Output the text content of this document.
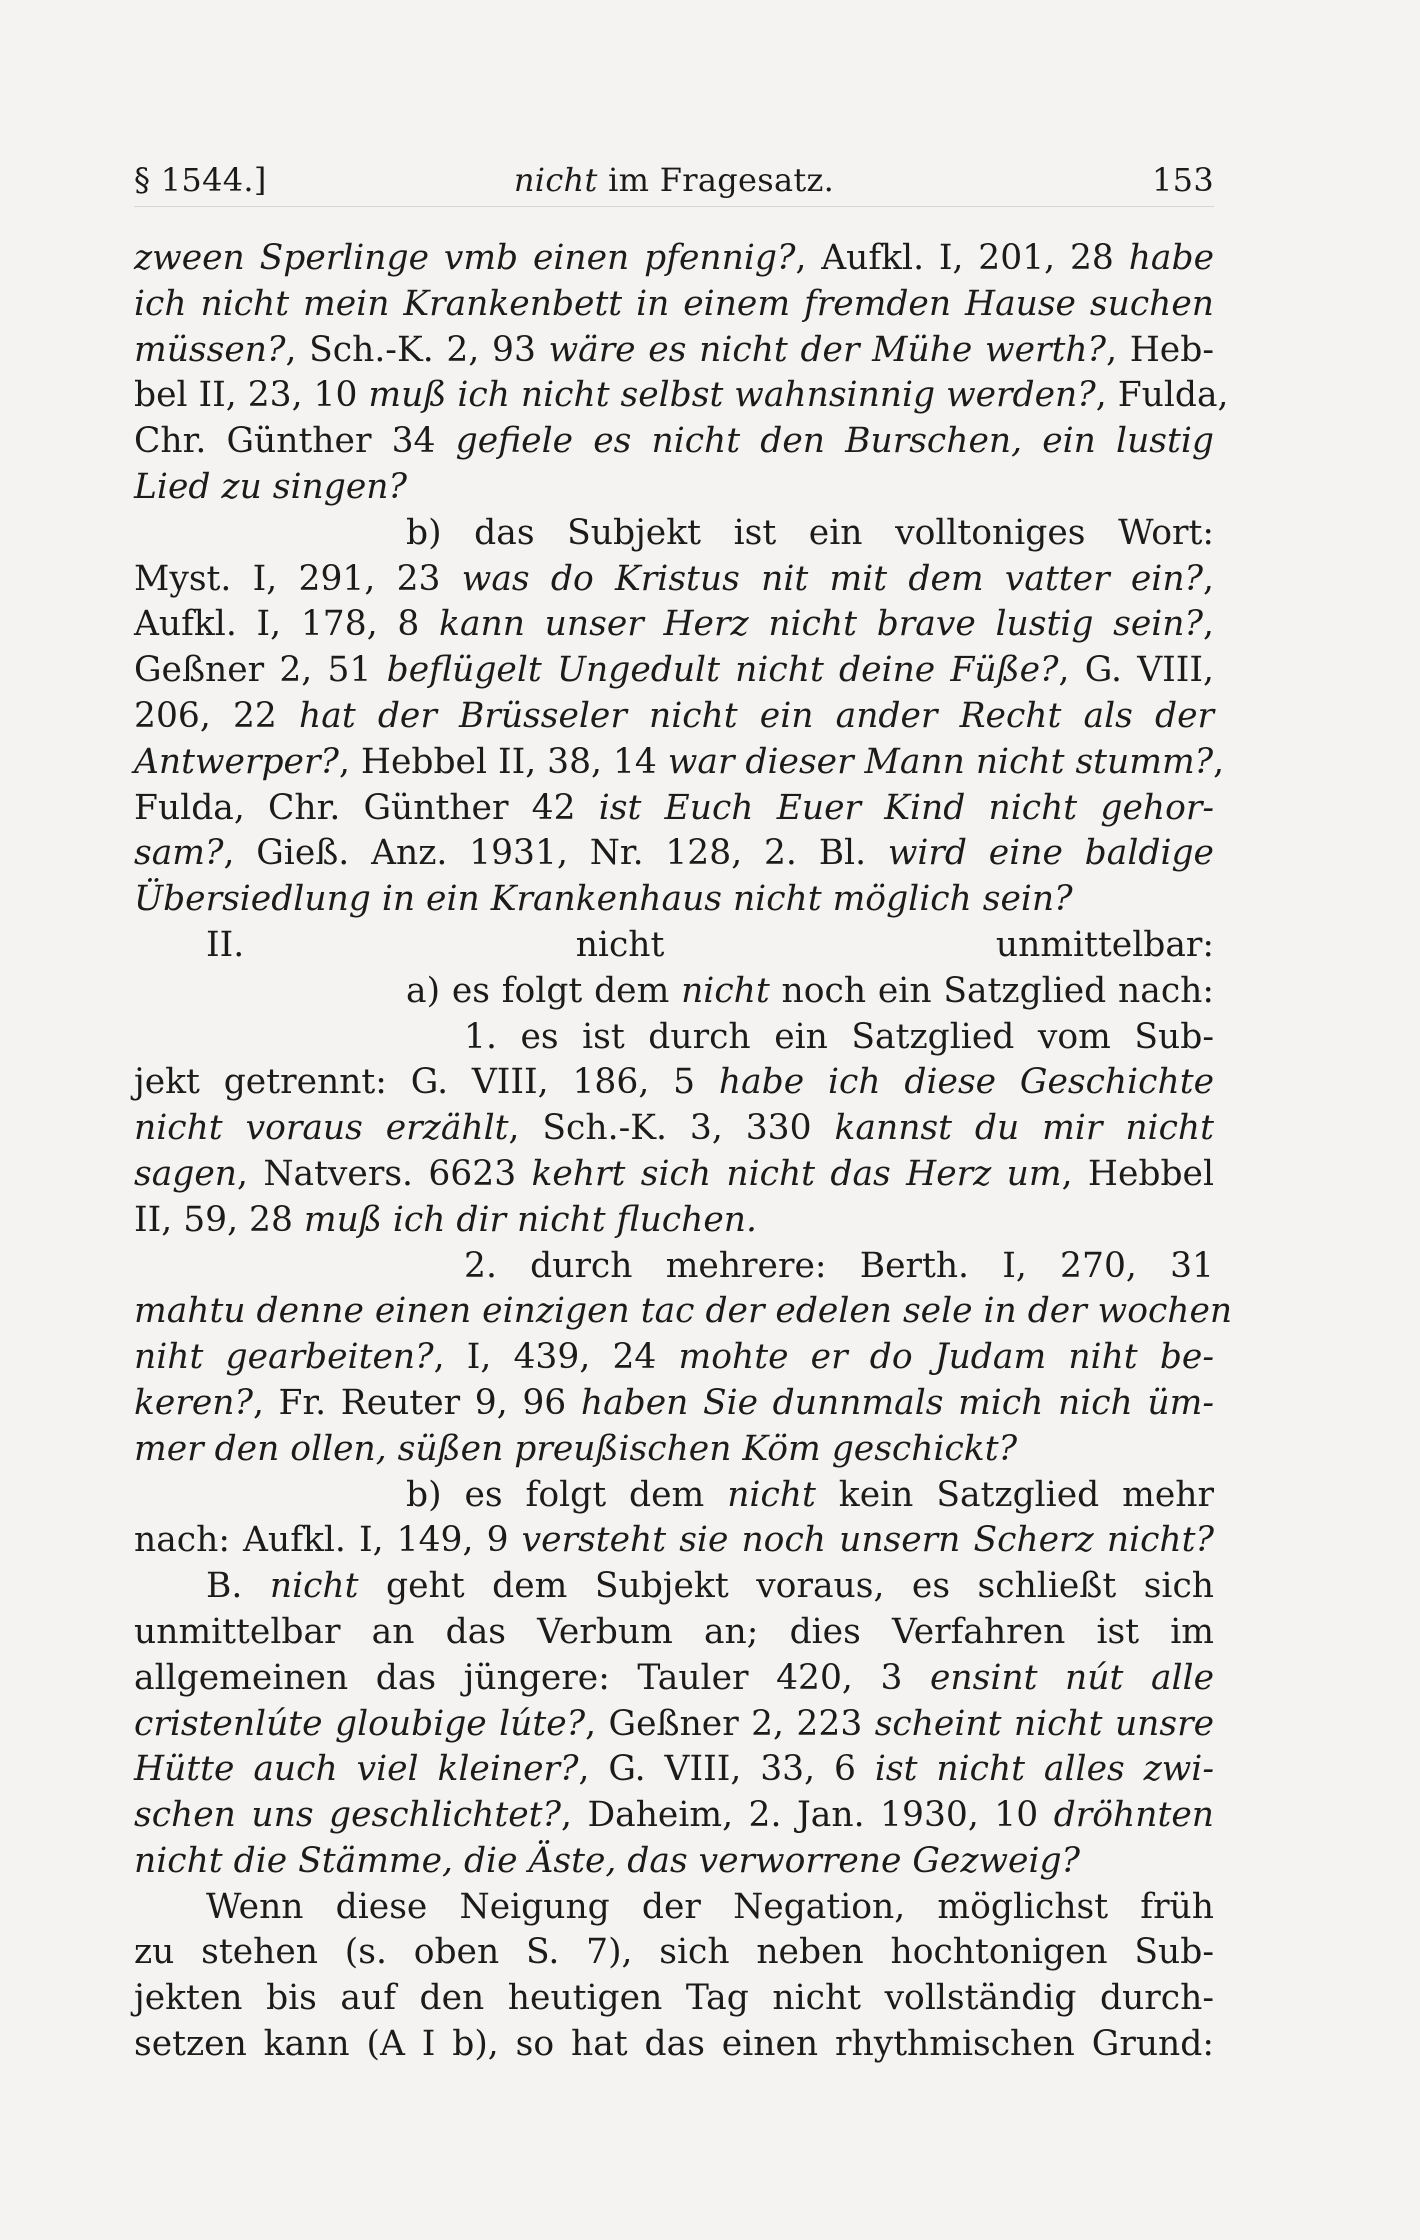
§ 1544.]	nicht im Fragesatz.	153
zween Sperlinge vmb einen pfennig?, Aufkl. I, 201, 28 habe
ich nicht mein Krankenbett in einem fremden Hause suchen
müssen?, Sch.-K. 2, 93 wäre es nicht der Mühe werth?, Heb-
bel II, 23, 10 muß ich nicht selbst wahnsinnig werden?, Fulda,
Chr. Günther 34 gefiele es nicht den Burschen, ein lustig
Lied zu singen?
b) das Subjekt ist ein volltoniges Wort:
Myst. I, 291, 23 was do Kristus nit mit dem vatter ein?,
Aufkl. I, 178, 8 kann unser Herz nicht brave lustig sein?,
Geßner 2, 51 beflügelt Ungedult nicht deine Füße?, G. VIII,
206, 22 hat der Brüsseler nicht ein ander Recht als der
Antwerper?, Hebbel II, 38, 14 war dieser Mann nicht stumm?,
Fulda, Chr. Günther 42 ist Euch Euer Kind nicht gehor-
sam?, Gieß. Anz. 1931, Nr. 128, 2. Bl. wird eine baldige
Übersiedlung in ein Krankenhaus nicht möglich sein?
II. nicht unmittelbar:
a) es folgt dem nicht noch ein Satzglied nach:
1. es ist durch ein Satzglied vom Sub-
jekt getrennt: G. VIII, 186, 5 habe ich diese Geschichte
nicht voraus erzählt, Sch.-K. 3, 330 kannst du mir nicht
sagen, Natvers. 6623 kehrt sich nicht das Herz um, Hebbel
II, 59, 28 muß ich dir nicht fluchen.
2. durch mehrere: Berth. I, 270, 31
mahtu denne einen einzigen tac der edelen sele in der wochen
niht gearbeiten?, I, 439, 24 mohte er do Judam niht be-
keren?, Fr. Reuter 9, 96 haben Sie dunnmals mich nich üm-
mer den ollen, süßen preußischen Köm geschickt?
b) es folgt dem nicht kein Satzglied mehr
nach: Aufkl. I, 149, 9 versteht sie noch unsern Scherz nicht?
B. nicht geht dem Subjekt voraus, es schließt sich
unmittelbar an das Verbum an; dies Verfahren ist im
allgemeinen das jüngere: Tauler 420, 3 ensint nút alle
cristenlúte gloubige lúte?, Geßner 2, 223 scheint nicht unsre
Hütte auch viel kleiner?, G. VIII, 33, 6 ist nicht alles zwi-
schen uns geschlichtet?, Daheim, 2. Jan. 1930, 10 dröhnten
nicht die Stämme, die Äste, das verworrene Gezweig?
Wenn diese Neigung der Negation, möglichst früh
zu stehen (s. oben S. 7), sich neben hochtonigen Sub-
jekten bis auf den heutigen Tag nicht vollständig durch-
setzen kann (A I b), so hat das einen rhythmischen Grund:
